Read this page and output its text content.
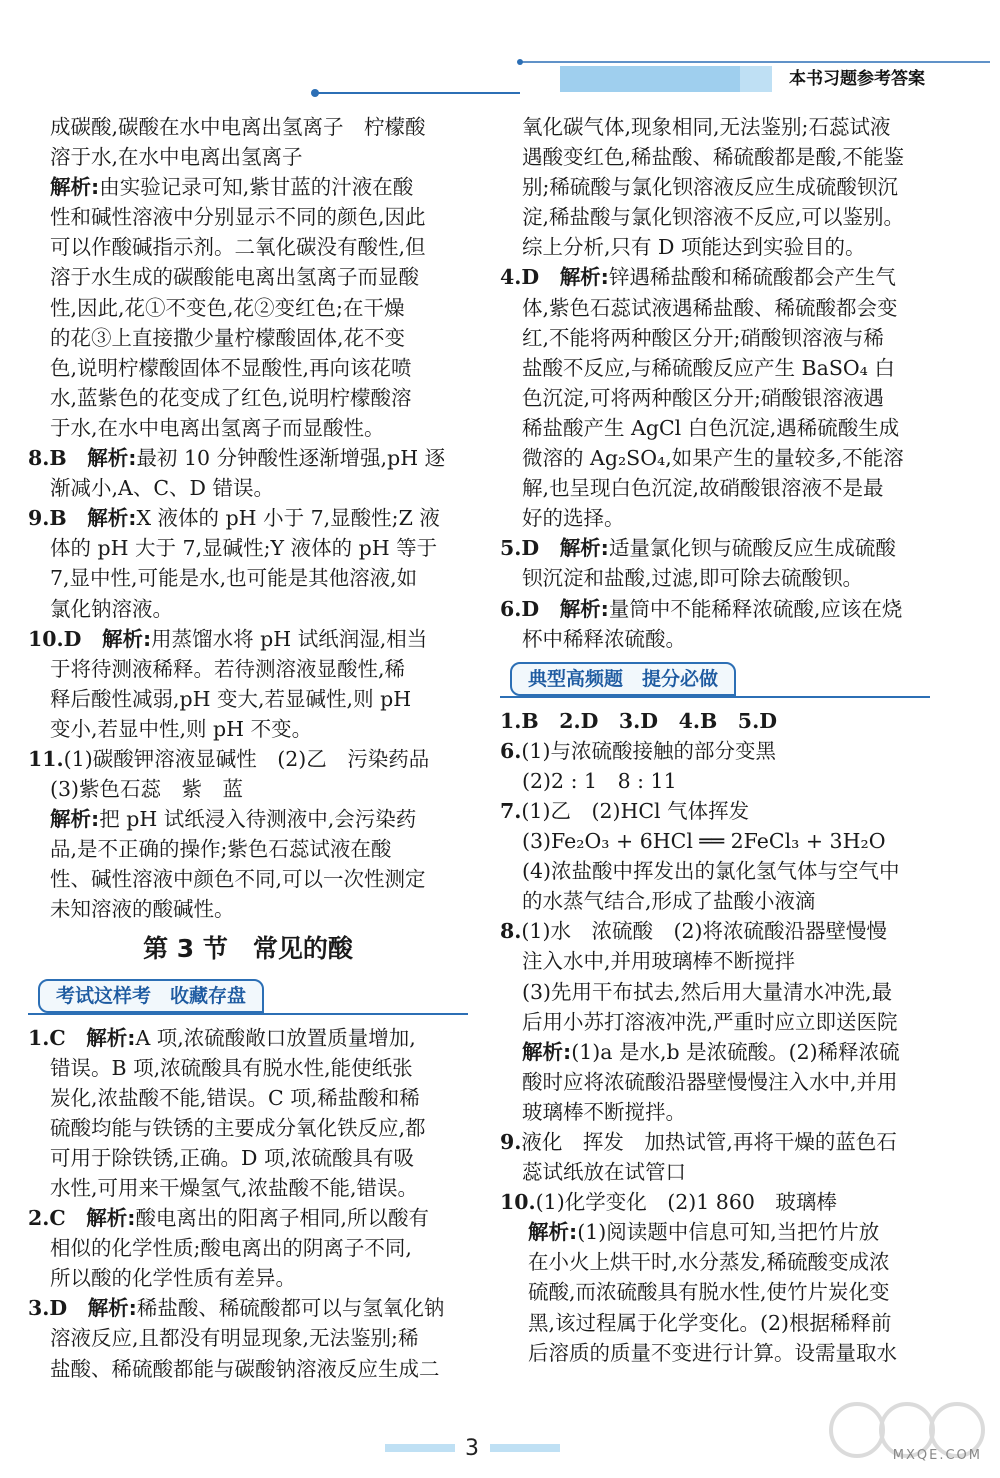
本书习题参考答案
成碳酸,碳酸在水中电离出氢离子　柠檬酸
溶于水,在水中电离出氢离子
解析:由实验记录可知,紫甘蓝的汁液在酸
性和碱性溶液中分别显示不同的颜色,因此
可以作酸碱指示剂。二氧化碳没有酸性,但
溶于水生成的碳酸能电离出氢离子而显酸
性,因此,花①不变色,花②变红色;在干燥
的花③上直接撒少量柠檬酸固体,花不变
色,说明柠檬酸固体不显酸性,再向该花喷
水,蓝紫色的花变成了红色,说明柠檬酸溶
于水,在水中电离出氢离子而显酸性。
8.B　解析:最初 10 分钟酸性逐渐增强,pH 逐
渐减小,A、C、D 错误。
9.B　解析:X 液体的 pH 小于 7,显酸性;Z 液
体的 pH 大于 7,显碱性;Y 液体的 pH 等于
7,显中性,可能是水,也可能是其他溶液,如
氯化钠溶液。
10.D　解析:用蒸馏水将 pH 试纸润湿,相当
于将待测液稀释。若待测溶液显酸性,稀
释后酸性减弱,pH 变大,若显碱性,则 pH
变小,若显中性,则 pH 不变。
11.(1)碳酸钾溶液显碱性　(2)乙　污染药品
(3)紫色石蕊　紫　蓝
解析:把 pH 试纸浸入待测液中,会污染药
品,是不正确的操作;紫色石蕊试液在酸
性、碱性溶液中颜色不同,可以一次性测定
未知溶液的酸碱性。
第 3 节　常见的酸
考试这样考　收藏存盘
1.C　解析:A 项,浓硫酸敞口放置质量增加,
错误。B 项,浓硫酸具有脱水性,能使纸张
炭化,浓盐酸不能,错误。C 项,稀盐酸和稀
硫酸均能与铁锈的主要成分氧化铁反应,都
可用于除铁锈,正确。D 项,浓硫酸具有吸
水性,可用来干燥氢气,浓盐酸不能,错误。
2.C　解析:酸电离出的阳离子相同,所以酸有
相似的化学性质;酸电离出的阴离子不同,
所以酸的化学性质有差异。
3.D　解析:稀盐酸、稀硫酸都可以与氢氧化钠
溶液反应,且都没有明显现象,无法鉴别;稀
盐酸、稀硫酸都能与碳酸钠溶液反应生成二
氧化碳气体,现象相同,无法鉴别;石蕊试液
遇酸变红色,稀盐酸、稀硫酸都是酸,不能鉴
别;稀硫酸与氯化钡溶液反应生成硫酸钡沉
淀,稀盐酸与氯化钡溶液不反应,可以鉴别。
综上分析,只有 D 项能达到实验目的。
4.D　解析:锌遇稀盐酸和稀硫酸都会产生气
体,紫色石蕊试液遇稀盐酸、稀硫酸都会变
红,不能将两种酸区分开;硝酸钡溶液与稀
盐酸不反应,与稀硫酸反应产生 BaSO₄ 白
色沉淀,可将两种酸区分开;硝酸银溶液遇
稀盐酸产生 AgCl 白色沉淀,遇稀硫酸生成
微溶的 Ag₂SO₄,如果产生的量较多,不能溶
解,也呈现白色沉淀,故硝酸银溶液不是最
好的选择。
5.D　解析:适量氯化钡与硫酸反应生成硫酸
钡沉淀和盐酸,过滤,即可除去硫酸钡。
6.D　解析:量筒中不能稀释浓硫酸,应该在烧
杯中稀释浓硫酸。
典型高频题　提分必做
1.B　2.D　3.D　4.B　5.D
6.(1)与浓硫酸接触的部分变黑
(2)2 : 1　8 : 11
7.(1)乙　(2)HCl 气体挥发
(3)Fe₂O₃ + 6HCl ══ 2FeCl₃ + 3H₂O
(4)浓盐酸中挥发出的氯化氢气体与空气中
的水蒸气结合,形成了盐酸小液滴
8.(1)水　浓硫酸　(2)将浓硫酸沿器壁慢慢
注入水中,并用玻璃棒不断搅拌
(3)先用干布拭去,然后用大量清水冲洗,最
后用小苏打溶液冲洗,严重时应立即送医院
解析:(1)a 是水,b 是浓硫酸。(2)稀释浓硫
酸时应将浓硫酸沿器壁慢慢注入水中,并用
玻璃棒不断搅拌。
9.液化　挥发　加热试管,再将干燥的蓝色石
蕊试纸放在试管口
10.(1)化学变化　(2)1 860　玻璃棒
解析:(1)阅读题中信息可知,当把竹片放
在小火上烘干时,水分蒸发,稀硫酸变成浓
硫酸,而浓硫酸具有脱水性,使竹片炭化变
黑,该过程属于化学变化。(2)根据稀释前
后溶质的质量不变进行计算。设需量取水
3	MXQE.COM
